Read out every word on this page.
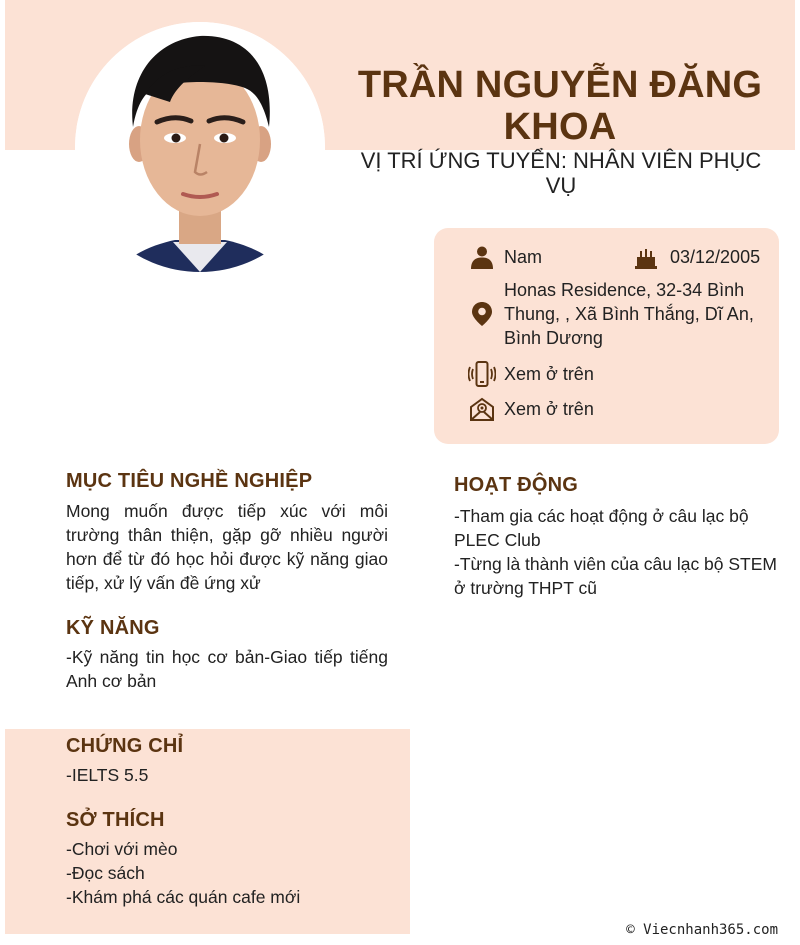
TRẦN NGUYỄN ĐĂNG KHOA
VỊ TRÍ ỨNG TUYỂN: NHÂN VIÊN PHỤC VỤ
Nam	03/12/2005
Honas Residence, 32-34 Bình Thung, , Xã Bình Thắng, Dĩ An, Bình Dương
Xem ở trên
Xem ở trên
MỤC TIÊU NGHỀ NGHIỆP
Mong muốn được tiếp xúc với môi trường thân thiện, gặp gỡ nhiều người hơn để từ đó học hỏi được kỹ năng giao tiếp, xử lý vấn đề ứng xử
KỸ NĂNG
-Kỹ năng tin học cơ bản-Giao tiếp tiếng Anh cơ bản
CHỨNG CHỈ
-IELTS 5.5
SỞ THÍCH
-Chơi với mèo
-Đọc sách
-Khám phá các quán cafe mới
HOẠT ĐỘNG
-Tham gia các hoạt động ở câu lạc bộ PLEC Club
-Từng là thành viên của câu lạc bộ STEM ở trường THPT cũ
© Viecnhanh365.com
